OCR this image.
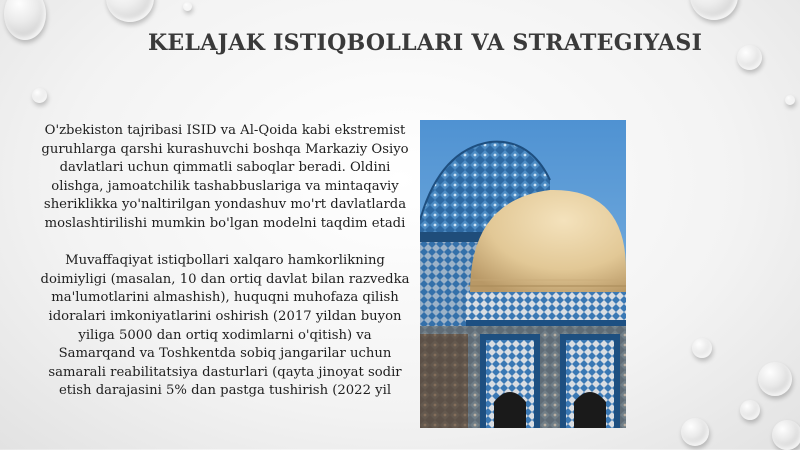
KELAJAK ISTIQBOLLARI VA STRATEGIYASI

O'zbekiston tajribasi ISID va Al-Qoida kabi ekstremist guruhlarga qarshi kurashuvchi boshqa Markaziy Osiyo davlatlari uchun qimmatli saboqlar beradi. Oldini olishga, jamoatchilik tashabbuslariga va mintaqaviy sheriklikka yo'naltirilgan yondashuv mo'rt davlatlarda moslashtirilishi mumkin bo'lgan modelni taqdim etadi

Muvaffaqiyat istiqbollari xalqaro hamkorlikning doimiyligi (masalan, 10 dan ortiq davlat bilan razvedka ma'lumotlarini almashish), huquqni muhofaza qilish idoralari imkoniyatlarini oshirish (2017 yildan buyon yiliga 5000 dan ortiq xodimlarni o'qitish) va Samarqand va Toshkentda sobiq jangarilar uchun samarali reabilitatsiya dasturlari (qayta jinoyat sodir etish darajasini 5% dan pastga tushirish (2022 yil
